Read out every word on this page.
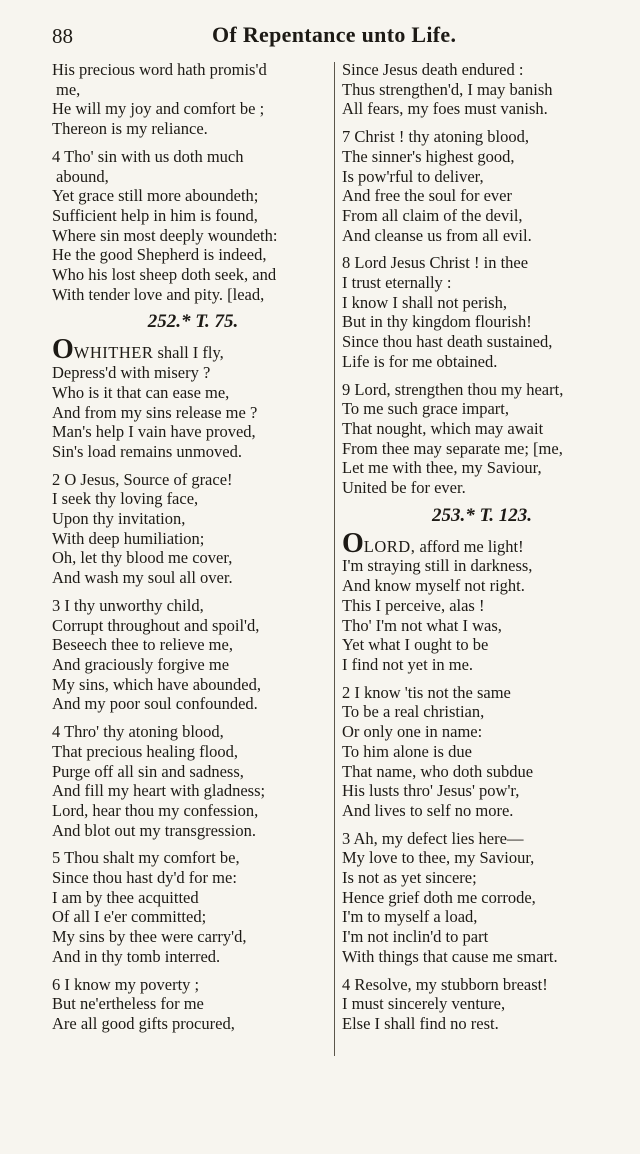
88	Of Repentance unto Life.
His precious word hath promis'd
me,
He will my joy and comfort be ;
Thereon is my reliance.
4 Tho' sin with us doth much
abound,
Yet grace still more aboundeth;
Sufficient help in him is found,
Where sin most deeply woundeth:
He the good Shepherd is indeed,
Who his lost sheep doth seek, and
With tender love and pity. [lead,
252.* T. 75.
OWHITHER shall I fly,
Depress'd with misery ?
Who is it that can ease me,
And from my sins release me ?
Man's help I vain have proved,
Sin's load remains unmoved.
2 O Jesus, Source of grace!
I seek thy loving face,
Upon thy invitation,
With deep humiliation;
Oh, let thy blood me cover,
And wash my soul all over.
3 I thy unworthy child,
Corrupt throughout and spoil'd,
Beseech thee to relieve me,
And graciously forgive me
My sins, which have abounded,
And my poor soul confounded.
4 Thro' thy atoning blood,
That precious healing flood,
Purge off all sin and sadness,
And fill my heart with gladness;
Lord, hear thou my confession,
And blot out my transgression.
5 Thou shalt my comfort be,
Since thou hast dy'd for me:
I am by thee acquitted
Of all I e'er committed;
My sins by thee were carry'd,
And in thy tomb interred.
6 I know my poverty ;
But ne'ertheless for me
Are all good gifts procured,
Since Jesus death endured :
Thus strengthen'd, I may banish
All fears, my foes must vanish.
7 Christ ! thy atoning blood,
The sinner's highest good,
Is pow'rful to deliver,
And free the soul for ever
From all claim of the devil,
And cleanse us from all evil.
8 Lord Jesus Christ ! in thee
I trust eternally :
I know I shall not perish,
But in thy kingdom flourish!
Since thou hast death sustained,
Life is for me obtained.
9 Lord, strengthen thou my heart,
To me such grace impart,
That nought, which may await
From thee may separate me; [me,
Let me with thee, my Saviour,
United be for ever.
253.* T. 123.
OLORD, afford me light!
I'm straying still in darkness,
And know myself not right.
This I perceive, alas !
Tho' I'm not what I was,
Yet what I ought to be
I find not yet in me.
2 I know 'tis not the same
To be a real christian,
Or only one in name:
To him alone is due
That name, who doth subdue
His lusts thro' Jesus' pow'r,
And lives to self no more.
3 Ah, my defect lies here—
My love to thee, my Saviour,
Is not as yet sincere;
Hence grief doth me corrode,
I'm to myself a load,
I'm not inclin'd to part
With things that cause me smart.
4 Resolve, my stubborn breast!
I must sincerely venture,
Else I shall find no rest.
